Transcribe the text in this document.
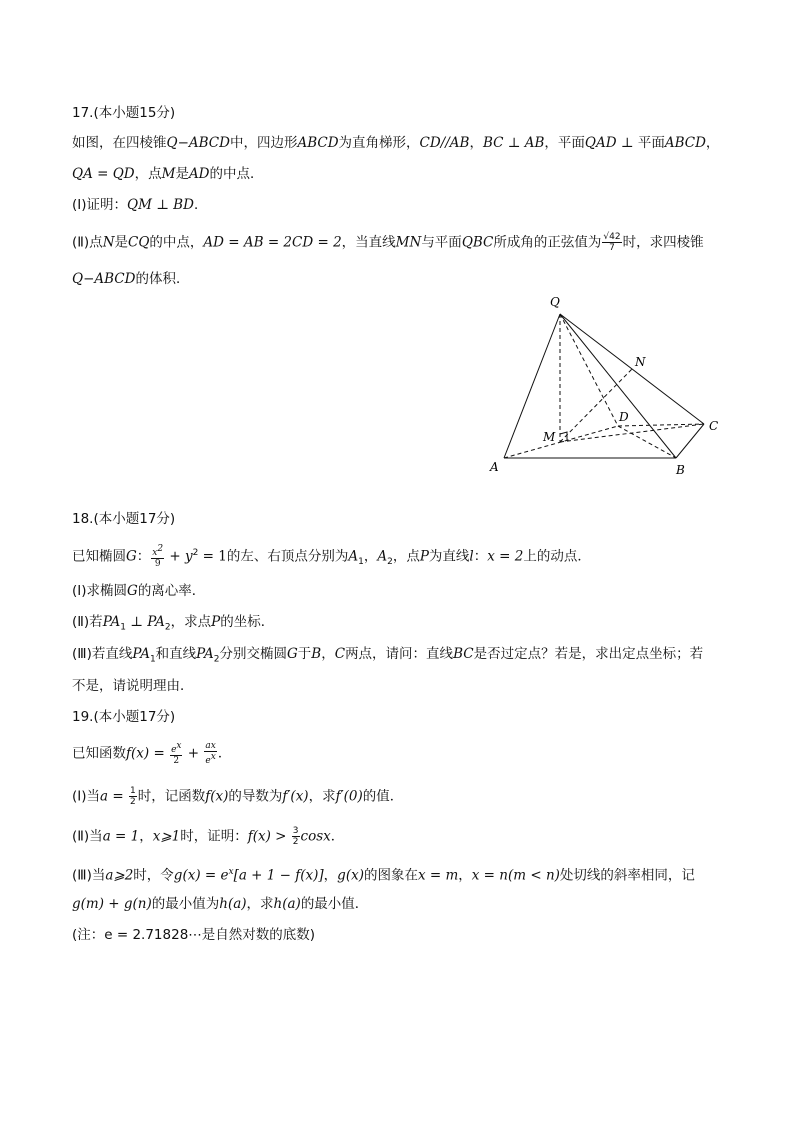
17.(本小题15分)
如图，在四棱锥Q−ABCD中，四边形ABCD为直角梯形，CD//AB，BC ⊥ AB，平面QAD ⊥ 平面ABCD，
QA = QD，点M是AD的中点．
(Ⅰ)证明：QM ⊥ BD．
(Ⅱ)点N是CQ的中点，AD = AB = 2CD = 2，当直线MN与平面QBC所成角的正弦值为 $\frac{√42}{7}$ 时，求四棱锥
Q−ABCD的体积．
Q
N
D
C
M
A	B
18.(本小题17分)
已知椭圆G： $\frac{x^2}{9} + y^2 = 1$的左、右顶点分别为$A_1$，$A_2$，点P为直线l：x = 2上的动点．
(Ⅰ)求椭圆G的离心率．
(Ⅱ)若$PA_1$ ⊥ $PA_2$，求点P的坐标．
(Ⅲ)若直线$PA_1$和直线$PA_2$分别交椭圆G于B，C两点，请问：直线BC是否过定点？若是，求出定点坐标；若
不是，请说明理由．
19.(本小题17分)
已知函数$f(x) = \frac{e^x}{2} + \frac{ax}{e^x}$ ．
(Ⅰ)当$a = \frac{1}{2}$ 时，记函数f(x)的导数为f′(x)，求f′(0)的值．
(Ⅱ)当a = 1，x⩾1时，证明：$f(x) > \frac{3}{2}$ cosx．
(Ⅲ)当a⩾2时，令$g(x) = e^x[a + 1 - f(x)]$，g(x)的图象在x = m，x = n(m < n)处切线的斜率相同，记
g(m) + g(n)的最小值为h(a)，求h(a)的最小值．
(注：e = 2.71828⋯是自然对数的底数)
